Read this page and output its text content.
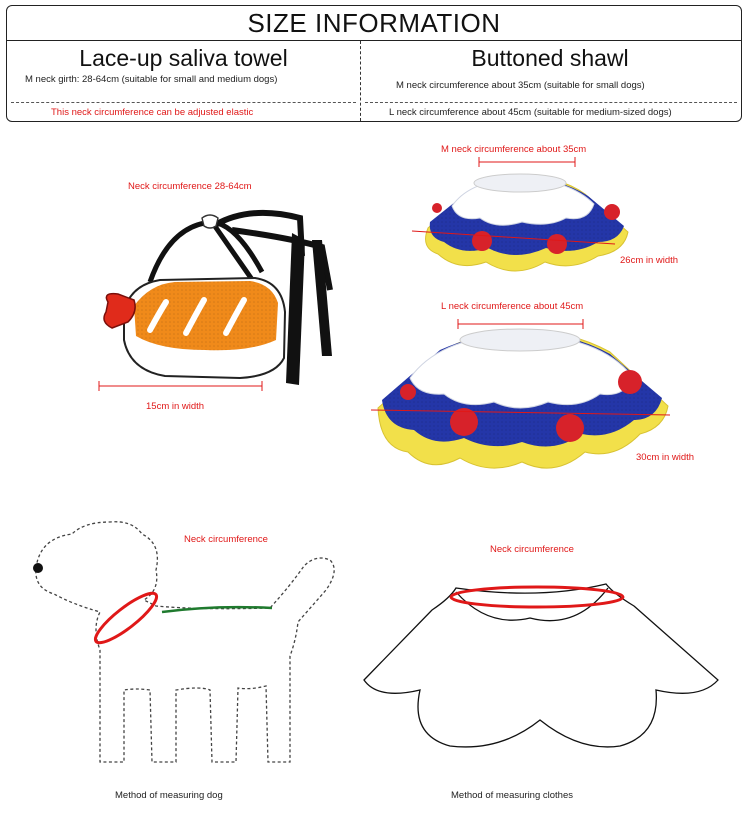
SIZE INFORMATION
Lace-up saliva towel	Buttoned shawl
M neck girth: 28-64cm (suitable for small and medium dogs)
This neck circumference can be adjusted elastic
M neck circumference about 35cm (suitable for small dogs)
L neck circumference about 45cm (suitable for medium-sized dogs)
Neck circumference 28-64cm
15cm in width
M neck circumference about 35cm
26cm in width
L neck circumference about 45cm
30cm in width
Neck circumference
Method of measuring dog
Neck circumference
Method of measuring clothes
